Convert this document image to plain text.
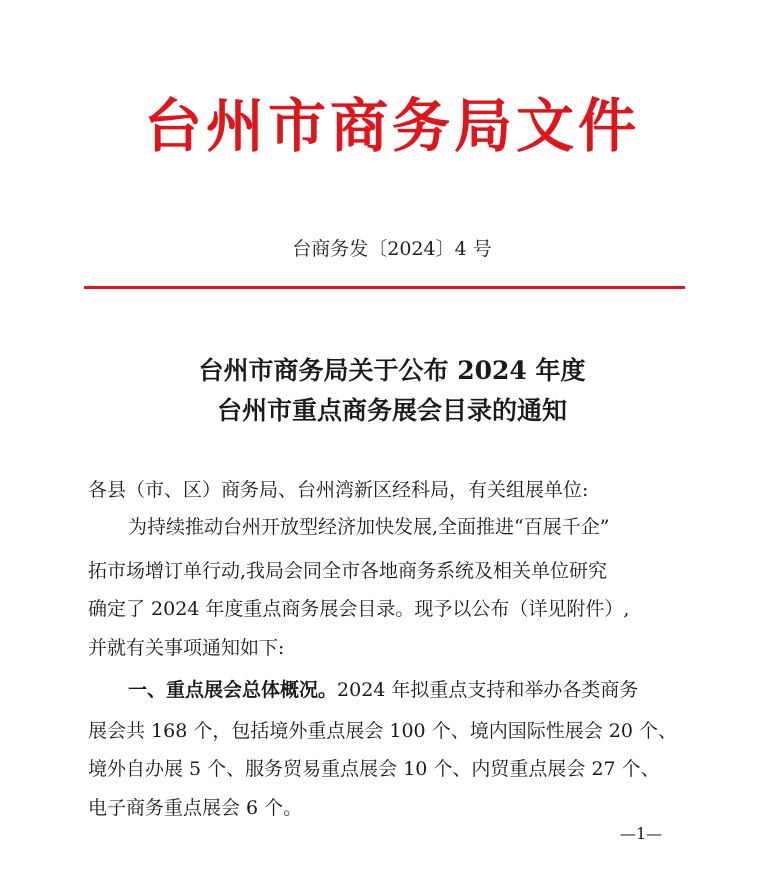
台州市商务局文件
台商务发〔2024〕4 号
台州市商务局关于公布 2024 年度
台州市重点商务展会目录的通知
各县（市、区）商务局、台州湾新区经科局，有关组展单位:
为持续推动台州开放型经济加快发展,全面推进“百展千企”
拓市场增订单行动,我局会同全市各地商务系统及相关单位研究
确定了 2024 年度重点商务展会目录。现予以公布（详见附件）,
并就有关事项通知如下:
一、重点展会总体概况。2024 年拟重点支持和举办各类商务
展会共 168 个，包括境外重点展会 100 个、境内国际性展会 20 个、
境外自办展 5 个、服务贸易重点展会 10 个、内贸重点展会 27 个、
电子商务重点展会 6 个。
—1—
